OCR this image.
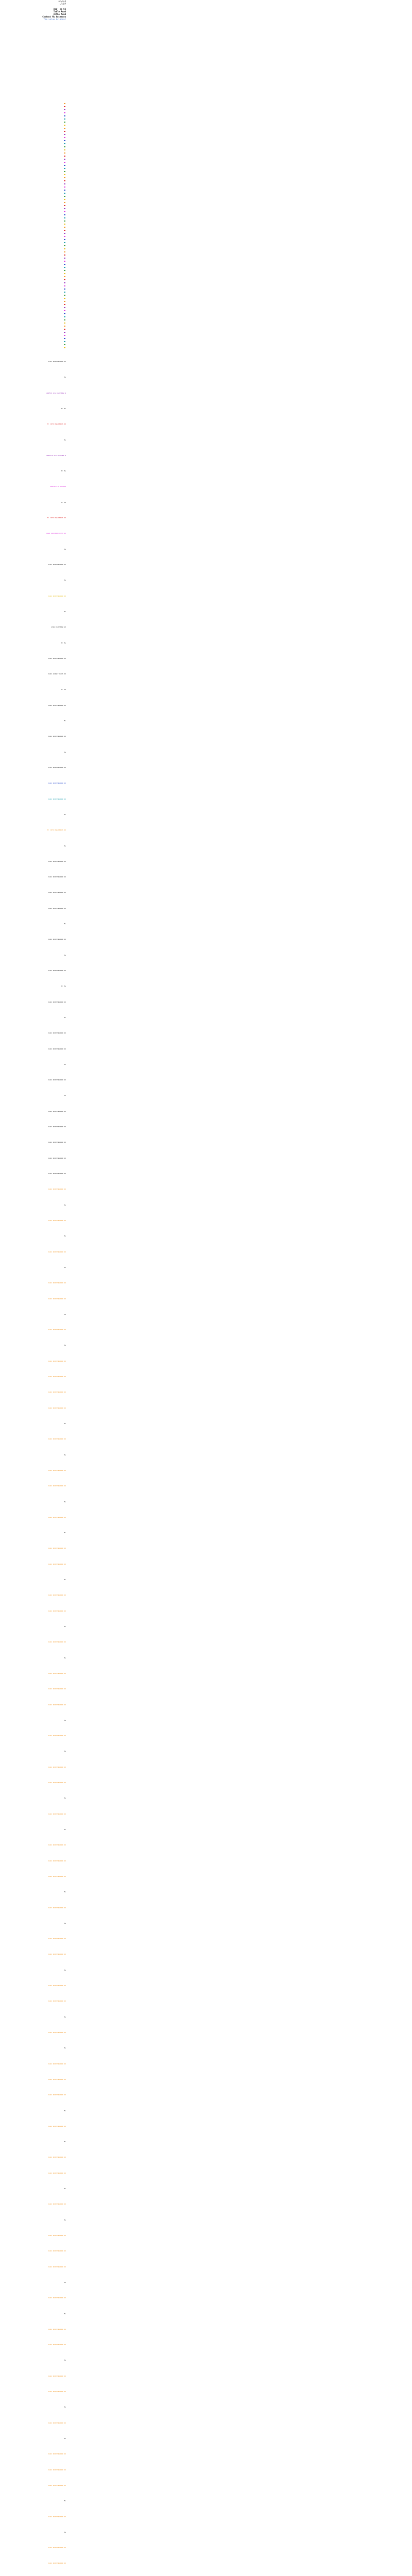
Acwind
LR:DP
Acd' ne 66
Table Acwd
Arthe Acwd
Content Ms Anteecen
The value Aclmonat
ACWS DRITZBRWWWD 63
Ms
AWNFSD ACS DACHSBRW N
M: Ms
M: CRTI DNACHMRCS 6D
Ms
AWNFSCD ACS DACHSBR N
M: Ms
AWNFSCD AC DATESB
M: Ms
M: CRTI DNACHMRCS 6D
ACWS DRITZBRW LITS SD
Ms
ACWS DRITZBRWWWD D3
Ms
ACWS DRITZBRWWWD 6D
Ms
ACWS DACHSBRW SD
M: Ms
ACWS DRITZBRWWWD 6D
ACWS ACWNIT DACS 6D
M: Ms
ACWS DRITZBRWWWD 6D
Ms
ACWS DRITZBRWWWD 6D
Ms
ACWS DRITZBRWWWD 6D
ACWS DRITZBRWWWD 6D
ACWS DRITZBRWWWD 6D
Ms
M: CRTI DNACHMRCS 6D
Ms
ACWS DRITZBRWWWD 6D
ACWS DRITZBRWWWD 6D
ACWS DRITZBRWWWD 6D
ACWS DRITZBRWWWD 6D
Ms
ACWS DRITZBRWWWD 6D
Ms
ACWS DRITZBRWWWD 6D
M: Ms
ACWS DRITZBRWWWD 6D
Ms
ACWS DRITZBRWWWD 6D
ACWS DRITZBRWWWD 6D
Ms
ACWS DRITZBRWWWD 6D
Ms
ACWS DRITZBRWWWD 6D
ACWS DRITZBRWWWD 6D
ACWS DRITZBRWWWD 6D
ACWS DRITZBRWWWD 6D
ACWS DRITZBRWWWD 6D
ACWS DRITZBRWWWD 6D
Ms
ACWS DRITZBRWWWD 6D
Ms
ACWS DRITZBRWWWD 6D
Ms
ACWS DRITZBRWWWD 6D
ACWS DRITZBRWWWD 6D
Ms
ACWS DRITZBRWWWD 6D
Ms
ACWS DRITZBRWWWD 6D
ACWS DRITZBRWWWD 6D
ACWS DRITZBRWWWD 6D
ACWS DRITZBRWWWD 6D
Ms
ACWS DRITZBRWWWD 6D
Ms
ACWS DRITZBRWWWD 6D
ACWS DRITZBRWWWD 6D
Ms
ACWS DRITZBRWWWD 6D
Ms
ACWS DRITZBRWWWD 6D
ACWS DRITZBRWWWD 6D
Ms
ACWS DRITZBRWWWD 6D
ACWS DRITZBRWWWD 6D
Ms
ACWS DRITZBRWWWD 6D
Ms
ACWS DRITZBRWWWD 6D
ACWS DRITZBRWWWD 6D
ACWS DRITZBRWWWD 6D
Ms
ACWS DRITZBRWWWD 6D
Ms
ACWS DRITZBRWWWD 6D
ACWS DRITZBRWWWD 6D
Ms
ACWS DRITZBRWWWD 6D
Ms
ACWS DRITZBRWWWD 6D
ACWS DRITZBRWWWD 6D
ACWS DRITZBRWWWD 6D
Ms
ACWS DRITZBRWWWD 6D
Ms
ACWS DRITZBRWWWD 6D
ACWS DRITZBRWWWD 6D
Ms
ACWS DRITZBRWWWD 6D
ACWS DRITZBRWWWD 6D
Ms
ACWS DRITZBRWWWD 6D
Ms
ACWS DRITZBRWWWD 6D
ACWS DRITZBRWWWD 6D
ACWS DRITZBRWWWD 6D
Ms
ACWS DRITZBRWWWD 6D
Ms
ACWS DRITZBRWWWD 6D
ACWS DRITZBRWWWD 6D
Ms
ACWS DRITZBRWWWD 6D
Ms
ACWS DRITZBRWWWD 6D
ACWS DRITZBRWWWD 6D
ACWS DRITZBRWWWD 6D
Ms
ACWS DRITZBRWWWD 6D
Ms
ACWS DRITZBRWWWD 6D
ACWS DRITZBRWWWD 6D
Ms
ACWS DRITZBRWWWD 6D
ACWS DRITZBRWWWD 6D
Ms
ACWS DRITZBRWWWD 6D
Ms
ACWS DRITZBRWWWD 6D
ACWS DRITZBRWWWD 6D
ACWS DRITZBRWWWD 6D
Ms
ACWS DRITZBRWWWD 6D
Ms
ACWS DRITZBRWWWD 6D
ACWS DRITZBRWWWD 6D
